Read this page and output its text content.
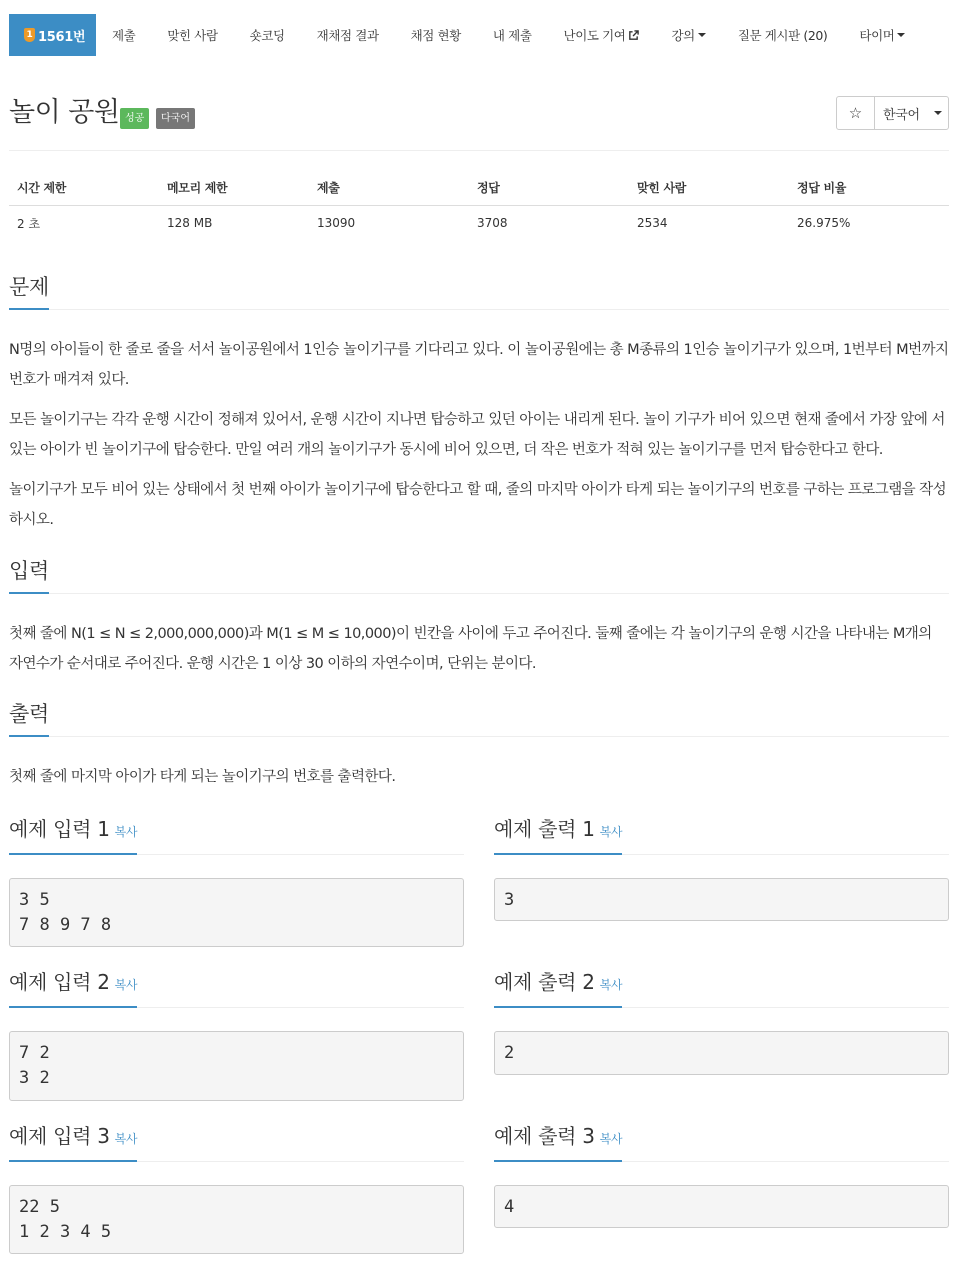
1 1561번 제출	맞힌 사람	숏코딩	재채점 결과	채점 현황	내 제출	난이도 기여	강의	질문 게시판 (20)	타이머
놀이 공원 성공	다국어	☆ 한국어
시간 제한	메모리 제한	제출	정답	맞힌 사람	정답 비율
2 초	128 MB	13090	3708	2534	26.975%
문제

N명의 아이들이 한 줄로 줄을 서서 놀이공원에서 1인승 놀이기구를 기다리고 있다. 이 놀이공원에는 총 M종류의 1인승 놀이기구가 있으며, 1번부터 M번까지 번호가 매겨져 있다.

모든 놀이기구는 각각 운행 시간이 정해져 있어서, 운행 시간이 지나면 탑승하고 있던 아이는 내리게 된다. 놀이 기구가 비어 있으면 현재 줄에서 가장 앞에 서 있는 아이가 빈 놀이기구에 탑승한다. 만일 여러 개의 놀이기구가 동시에 비어 있으면, 더 작은 번호가 적혀 있는 놀이기구를 먼저 탑승한다고 한다.

놀이기구가 모두 비어 있는 상태에서 첫 번째 아이가 놀이기구에 탑승한다고 할 때, 줄의 마지막 아이가 타게 되는 놀이기구의 번호를 구하는 프로그램을 작성하시오.

입력

첫째 줄에 N(1 ≤ N ≤ 2,000,000,000)과 M(1 ≤ M ≤ 10,000)이 빈칸을 사이에 두고 주어진다. 둘째 줄에는 각 놀이기구의 운행 시간을 나타내는 M개의 자연수가 순서대로 주어진다. 운행 시간은 1 이상 30 이하의 자연수이며, 단위는 분이다.

출력

첫째 줄에 마지막 아이가 타게 되는 놀이기구의 번호를 출력한다.

예제 입력 1 복사	예제 출력 1 복사
3 5
7 8 9 7 8
3
예제 입력 2 복사	예제 출력 2 복사
7 2
3 2
2
예제 입력 3 복사	예제 출력 3 복사
22 5
1 2 3 4 5
4
